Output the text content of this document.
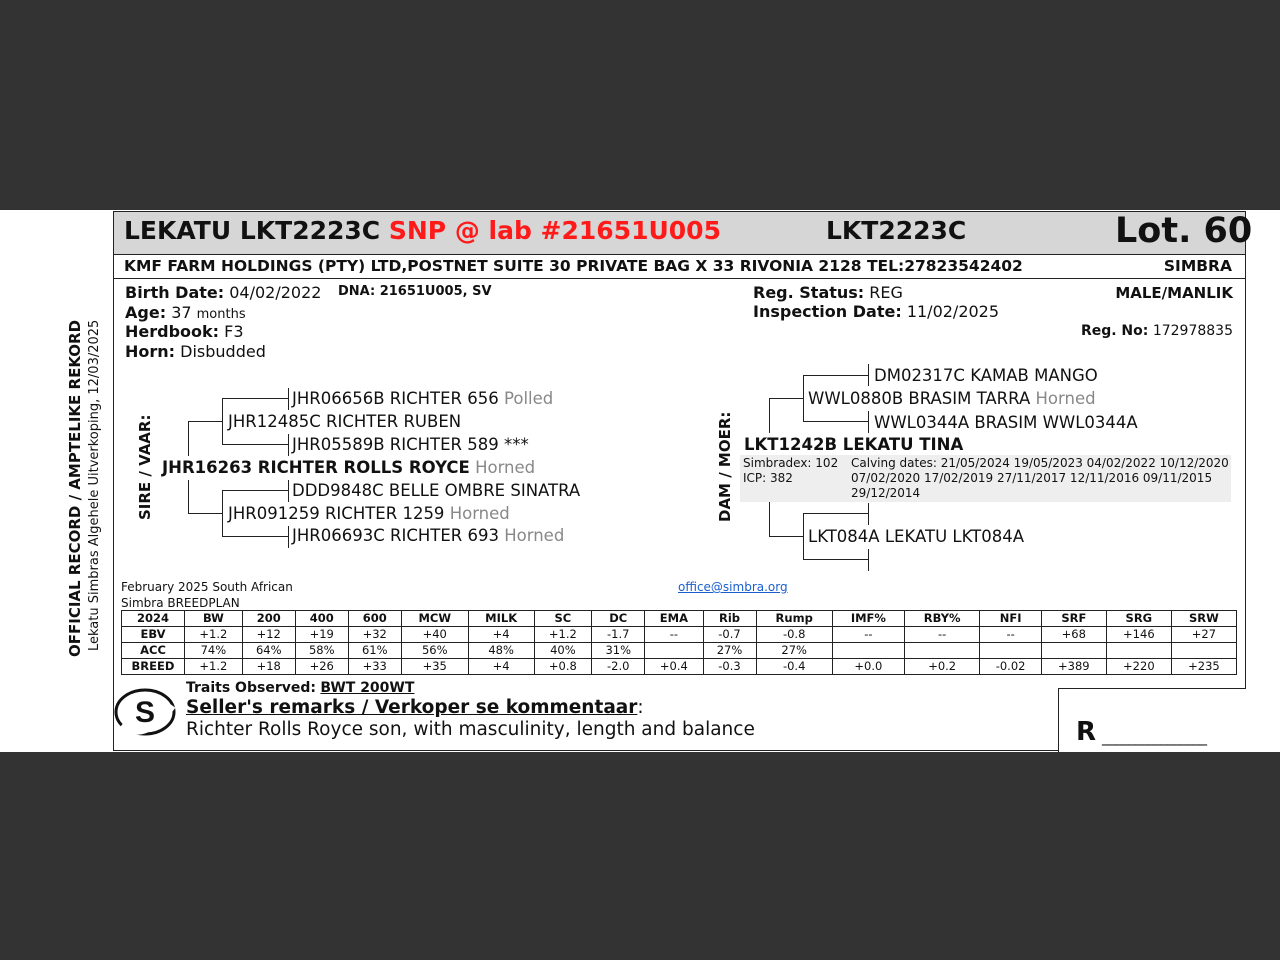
LEKATU LKT2223C SNP @ lab #21651U005	LKT2223C	Lot. 60
KMF FARM HOLDINGS (PTY) LTD,POSTNET SUITE 30 PRIVATE BAG X 33 RIVONIA 2128 TEL:27823542402	SIMBRA
OFFICIAL RECORD / AMPTELIKE REKORD Lekatu Simbras Algehele Uitverkoping, 12/03/2025
Birth Date: 04/02/2022 DNA: 21651U005, SV
Age: 37 months
Herdbook: F3
Horn: Disbudded
Reg. Status: REG
Inspection Date: 11/02/2025
MALE/MANLIK
Reg. No: 172978835
SIRE / VAAR:
JHR06656B RICHTER 656 Polled
JHR12485C RICHTER RUBEN
JHR05589B RICHTER 589 ***
JHR16263 RICHTER ROLLS ROYCE Horned
DDD9848C BELLE OMBRE SINATRA
JHR091259 RICHTER 1259 Horned
JHR06693C RICHTER 693 Horned
DAM / MOER:
DM02317C KAMAB MANGO
WWL0880B BRASIM TARRA Horned
WWL0344A BRASIM WWL0344A
LKT1242B LEKATU TINA
Simbradex: 102
ICP: 382
Calving dates: 21/05/2024 19/05/2023 04/02/2022 10/12/2020
07/02/2020 17/02/2019 27/11/2017 12/11/2016 09/11/2015
29/12/2014
LKT084A LEKATU LKT084A
February 2025 South African
Simbra BREEDPLAN
office@simbra.org
2024	BW	200	400	600	MCW	MILK	SC	DC	EMA	Rib	Rump	IMF%	RBY%	NFI	SRF	SRG	SRW
EBV	+1.2	+12	+19	+32	+40	+4	+1.2	-1.7	--	-0.7	-0.8	--	--	--	+68	+146	+27
ACC	74%	64%	58%	61%	56%	48%	40%	31%		27%	27%						
BREED	+1.2	+18	+26	+33	+35	+4	+0.8	-2.0	+0.4	-0.3	-0.4	+0.0	+0.2	-0.02	+389	+220	+235
S
Traits Observed: BWT 200WT
Seller's remarks / Verkoper se kommentaar:
Richter Rolls Royce son, with masculinity, length and balance	R ________________
